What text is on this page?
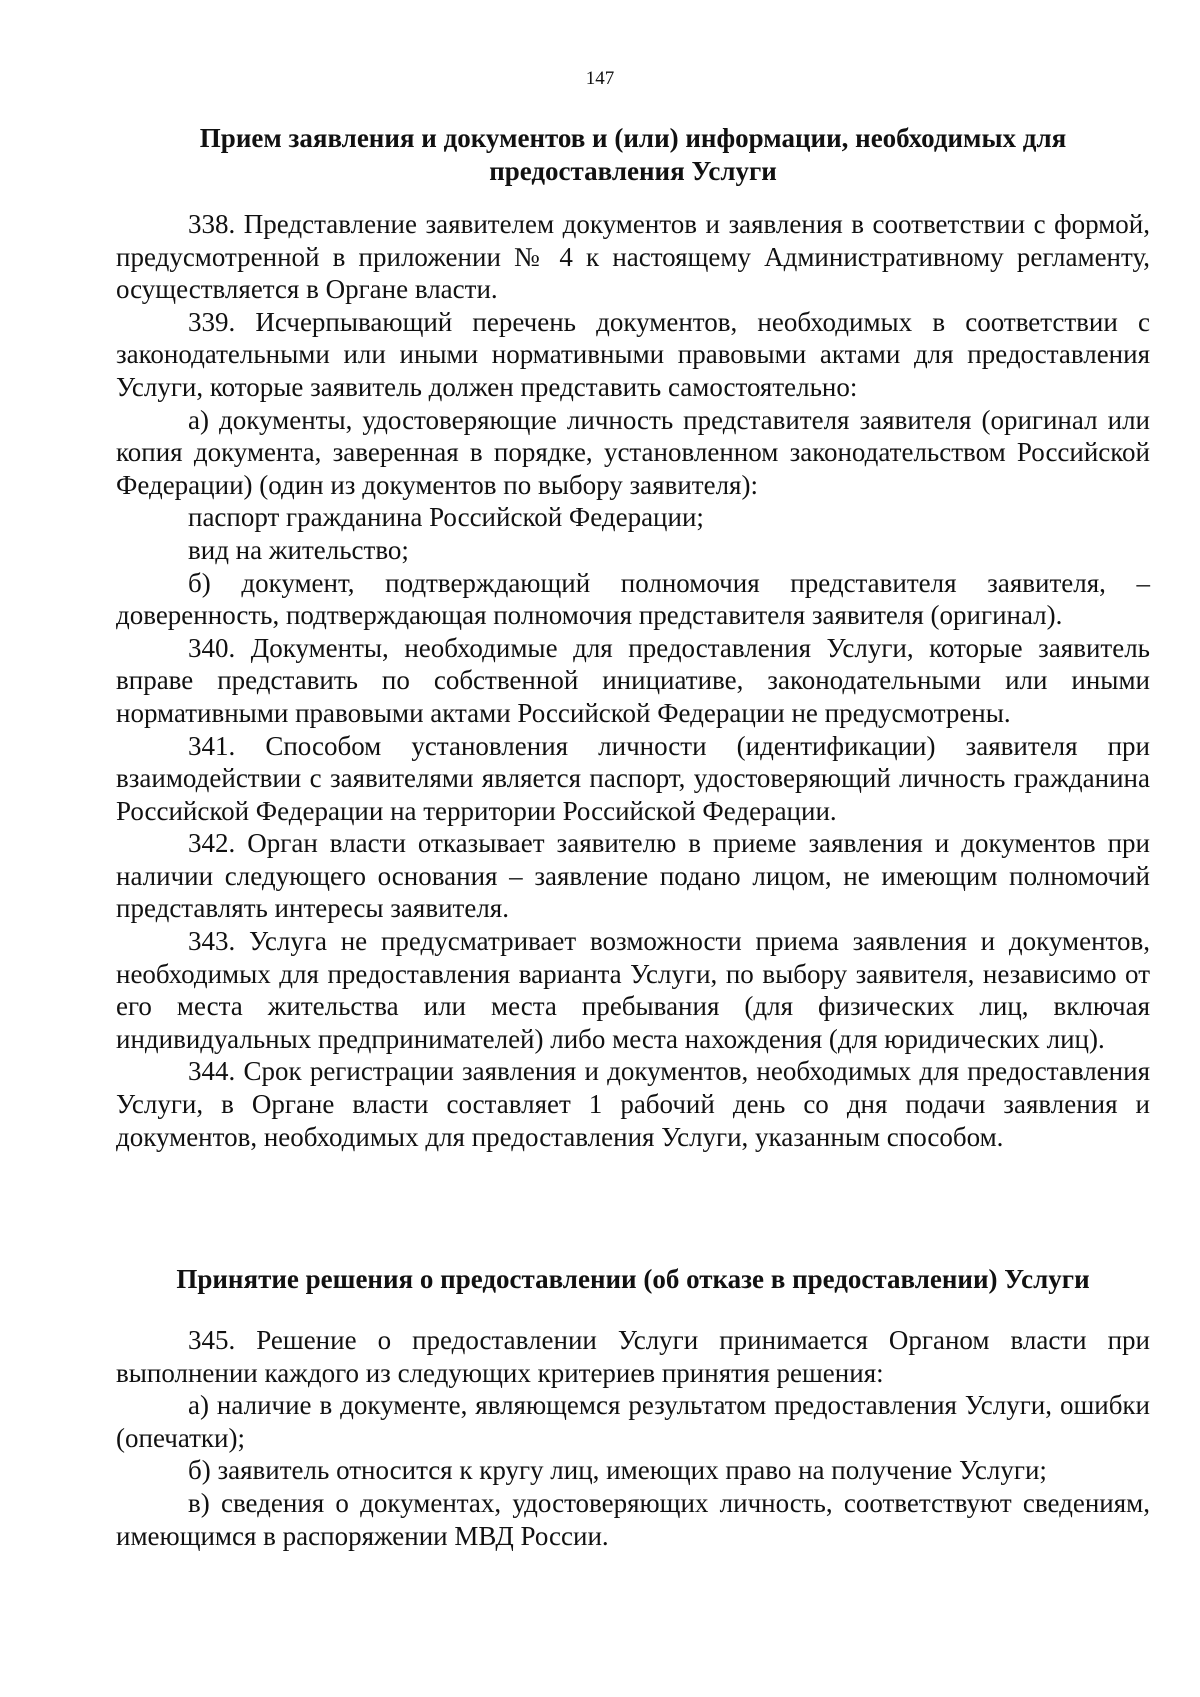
147
Прием заявления и документов и (или) информации, необходимых для предоставления Услуги

338. Представление заявителем документов и заявления в соответствии с формой, предусмотренной в приложении № 4 к настоящему Административному регламенту, осуществляется в Органе власти.

339. Исчерпывающий перечень документов, необходимых в соответствии с законодательными или иными нормативными правовыми актами для предоставления Услуги, которые заявитель должен представить самостоятельно:

а) документы, удостоверяющие личность представителя заявителя (оригинал или копия документа, заверенная в порядке, установленном законодательством Российской Федерации) (один из документов по выбору заявителя):

паспорт гражданина Российской Федерации;

вид на жительство;

б) документ, подтверждающий полномочия представителя заявителя, – доверенность, подтверждающая полномочия представителя заявителя (оригинал).

340. Документы, необходимые для предоставления Услуги, которые заявитель вправе представить по собственной инициативе, законодательными или иными нормативными правовыми актами Российской Федерации не предусмотрены.

341. Способом установления личности (идентификации) заявителя при взаимодействии с заявителями является паспорт, удостоверяющий личность гражданина Российской Федерации на территории Российской Федерации.

342. Орган власти отказывает заявителю в приеме заявления и документов при наличии следующего основания – заявление подано лицом, не имеющим полномочий представлять интересы заявителя.

343. Услуга не предусматривает возможности приема заявления и документов, необходимых для предоставления варианта Услуги, по выбору заявителя, независимо от его места жительства или места пребывания (для физических лиц, включая индивидуальных предпринимателей) либо места нахождения (для юридических лиц).

344. Срок регистрации заявления и документов, необходимых для предоставления Услуги, в Органе власти составляет 1 рабочий день со дня подачи заявления и документов, необходимых для предоставления Услуги, указанным способом.

Принятие решения о предоставлении (об отказе в предоставлении) Услуги

345. Решение о предоставлении Услуги принимается Органом власти при выполнении каждого из следующих критериев принятия решения:

а) наличие в документе, являющемся результатом предоставления Услуги, ошибки (опечатки);

б) заявитель относится к кругу лиц, имеющих право на получение Услуги;

в) сведения о документах, удостоверяющих личность, соответствуют сведениям, имеющимся в распоряжении МВД России.
